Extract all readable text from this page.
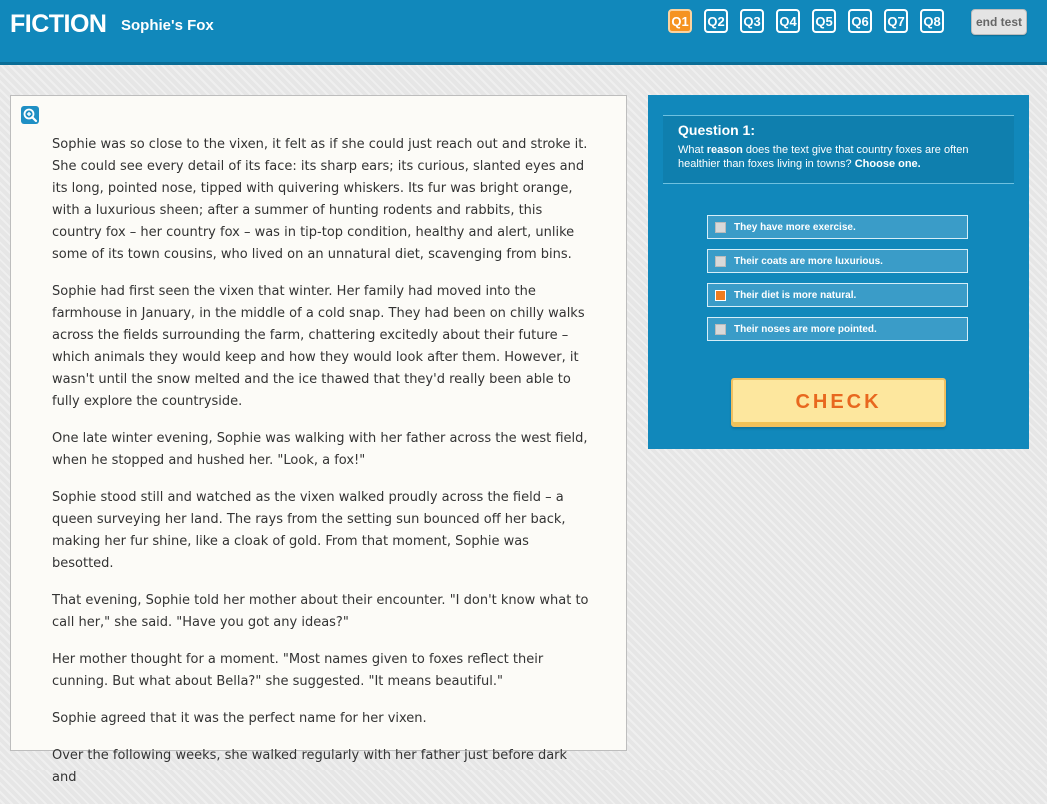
FICTION Sophie's Fox	Q1 Q2 Q3 Q4 Q5 Q6 Q7 Q8	end test

Sophie was so close to the vixen, it felt as if she could just reach out and stroke it. She could see every detail of its face: its sharp ears; its curious, slanted eyes and its long, pointed nose, tipped with quivering whiskers. Its fur was bright orange, with a luxurious sheen; after a summer of hunting rodents and rabbits, this country fox – her country fox – was in tip-top condition, healthy and alert, unlike some of its town cousins, who lived on an unnatural diet, scavenging from bins.

Sophie had first seen the vixen that winter. Her family had moved into the farmhouse in January, in the middle of a cold snap. They had been on chilly walks across the fields surrounding the farm, chattering excitedly about their future – which animals they would keep and how they would look after them. However, it wasn't until the snow melted and the ice thawed that they'd really been able to fully explore the countryside.

One late winter evening, Sophie was walking with her father across the west field, when he stopped and hushed her. "Look, a fox!"

Sophie stood still and watched as the vixen walked proudly across the field – a queen surveying her land. The rays from the setting sun bounced off her back, making her fur shine, like a cloak of gold. From that moment, Sophie was besotted.

That evening, Sophie told her mother about their encounter. "I don't know what to call her," she said. "Have you got any ideas?"

Her mother thought for a moment. "Most names given to foxes reflect their cunning. But what about Bella?" she suggested. "It means beautiful."

Sophie agreed that it was the perfect name for her vixen.

Over the following weeks, she walked regularly with her father just before dark and

Question 1:
What reason does the text give that country foxes are often healthier than foxes living in towns? Choose one.
They have more exercise.
Their coats are more luxurious.
Their diet is more natural.
Their noses are more pointed.
CHECK
